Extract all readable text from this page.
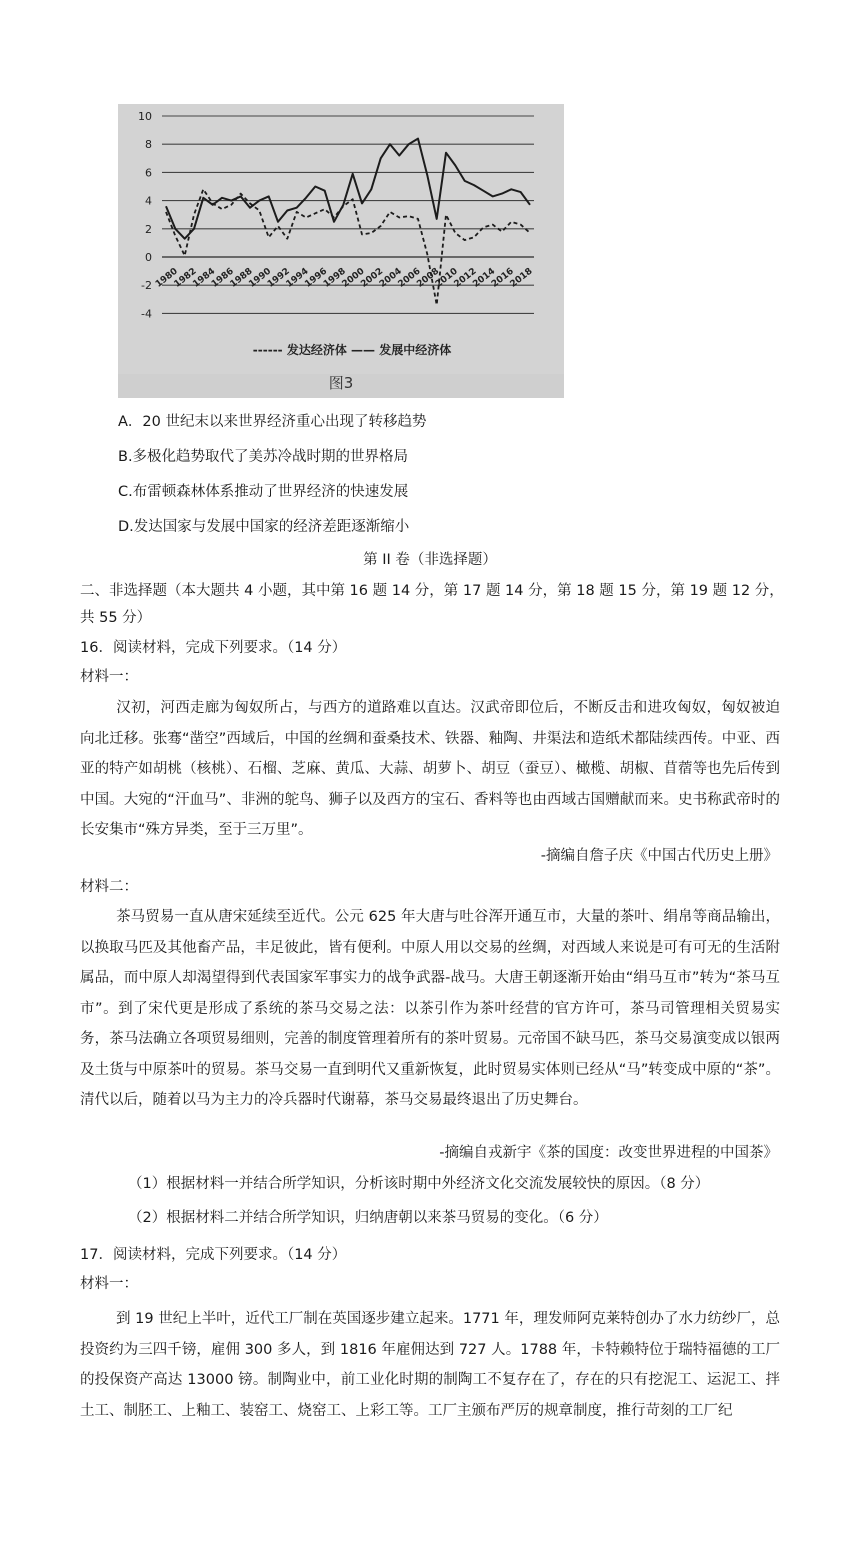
10
8
6
4
2
0
-2
-4
1980
1982
1984
1986
1988
1990
1992
1994
1996
1998
2000
2002
2004
2006
2008
2010
2012
2014
2016
2018
------ 发达经济体 —— 发展中经济体
图3
A．20 世纪末以来世界经济重心出现了转移趋势
B.多极化趋势取代了美苏冷战时期的世界格局
C.布雷顿森林体系推动了世界经济的快速发展
D.发达国家与发展中国家的经济差距逐渐缩小
第 II 卷（非选择题）
二、非选择题（本大题共 4 小题，其中第 16 题 14 分，第 17 题 14 分，第 18 题 15 分，第 19 题 12 分，
共 55 分）
16．阅读材料，完成下列要求。（14 分）
材料一：
汉初，河西走廊为匈奴所占，与西方的道路难以直达。汉武帝即位后，不断反击和进攻匈奴，匈奴被迫向北迁移。张骞“凿空”西域后，中国的丝绸和蚕桑技术、铁器、釉陶、井渠法和造纸术都陆续西传。中亚、西亚的特产如胡桃（核桃）、石榴、芝麻、黄瓜、大蒜、胡萝卜、胡豆（蚕豆）、橄榄、胡椒、苜蓿等也先后传到中国。大宛的“汗血马”、非洲的鸵鸟、狮子以及西方的宝石、香料等也由西域古国赠献而来。史书称武帝时的长安集市“殊方异类，至于三万里”。
-摘编自詹子庆《中国古代历史上册》
材料二：
茶马贸易一直从唐宋延续至近代。公元 625 年大唐与吐谷浑开通互市，大量的茶叶、绢帛等商品输出，以换取马匹及其他畜产品，丰足彼此，皆有便利。中原人用以交易的丝绸，对西域人来说是可有可无的生活附属品，而中原人却渴望得到代表国家军事实力的战争武器-战马。大唐王朝逐渐开始由“绢马互市”转为“茶马互市”。到了宋代更是形成了系统的茶马交易之法：以茶引作为茶叶经营的官方许可，茶马司管理相关贸易实务，茶马法确立各项贸易细则，完善的制度管理着所有的茶叶贸易。元帝国不缺马匹，茶马交易演变成以银两及土货与中原茶叶的贸易。茶马交易一直到明代又重新恢复，此时贸易实体则已经从“马”转变成中原的“茶”。清代以后，随着以马为主力的冷兵器时代谢幕，茶马交易最终退出了历史舞台。
-摘编自戎新宇《茶的国度：改变世界进程的中国茶》
（1）根据材料一并结合所学知识，分析该时期中外经济文化交流发展较快的原因。（8 分）
（2）根据材料二并结合所学知识，归纳唐朝以来茶马贸易的变化。（6 分）
17．阅读材料，完成下列要求。（14 分）
材料一：
到 19 世纪上半叶，近代工厂制在英国逐步建立起来。1771 年，理发师阿克莱特创办了水力纺纱厂，总投资约为三四千镑，雇佣 300 多人，到 1816 年雇佣达到 727 人。1788 年，卡特赖特位于瑞特福德的工厂的投保资产高达 13000 镑。制陶业中，前工业化时期的制陶工不复存在了，存在的只有挖泥工、运泥工、拌土工、制胚工、上釉工、装窑工、烧窑工、上彩工等。工厂主颁布严厉的规章制度，推行苛刻的工厂纪
